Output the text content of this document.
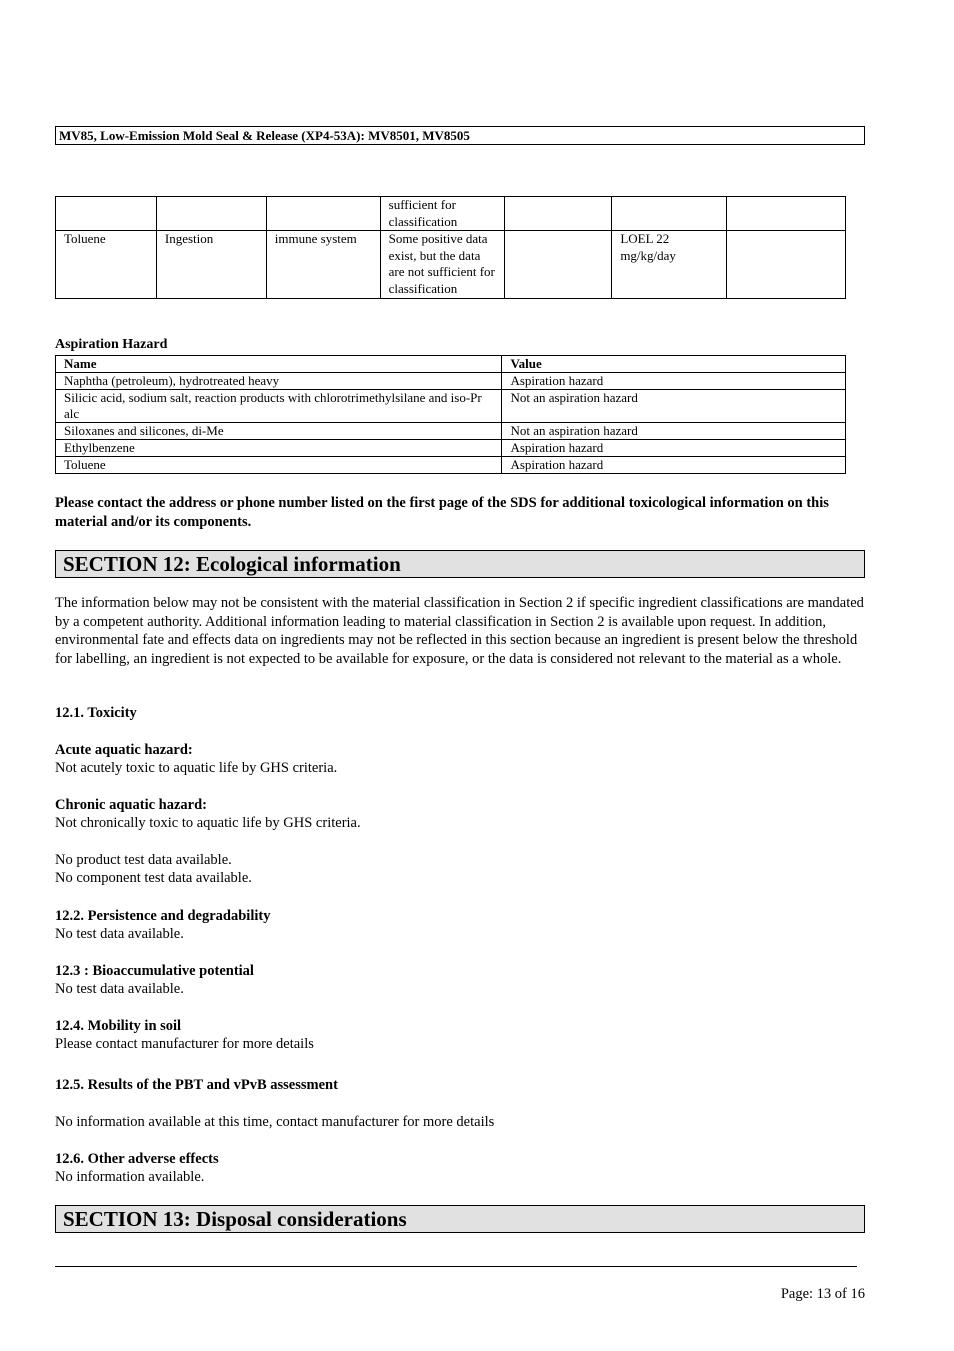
MV85, Low-Emission Mold Seal & Release (XP4-53A): MV8501, MV8505
			sufficient for classification			
Toluene	Ingestion	immune system	Some positive data exist, but the data are not sufficient for classification		LOEL 22 mg/kg/day	
Aspiration Hazard
Name	Value
Naphtha (petroleum), hydrotreated heavy	Aspiration hazard
Silicic acid, sodium salt, reaction products with chlorotrimethylsilane and iso-Pr alc	Not an aspiration hazard
Siloxanes and silicones, di-Me	Not an aspiration hazard
Ethylbenzene	Aspiration hazard
Toluene	Aspiration hazard
Please contact the address or phone number listed on the first page of the SDS for additional toxicological information on this material and/or its components.
SECTION 12: Ecological information
The information below may not be consistent with the material classification in Section 2 if specific ingredient classifications are mandated by a competent authority. Additional information leading to material classification in Section 2 is available upon request. In addition, environmental fate and effects data on ingredients may not be reflected in this section because an ingredient is present below the threshold for labelling, an ingredient is not expected to be available for exposure, or the data is considered not relevant to the material as a whole.
12.1. Toxicity
Acute aquatic hazard:
Not acutely toxic to aquatic life by GHS criteria.
Chronic aquatic hazard:
Not chronically toxic to aquatic life by GHS criteria.
No product test data available.
No component test data available.
12.2. Persistence and degradability
No test data available.
12.3 : Bioaccumulative potential
No test data available.
12.4. Mobility in soil
Please contact manufacturer for more details
12.5. Results of the PBT and vPvB assessment
No information available at this time, contact manufacturer for more details
12.6. Other adverse effects
No information available.
SECTION 13: Disposal considerations
Page: 13 of 16
